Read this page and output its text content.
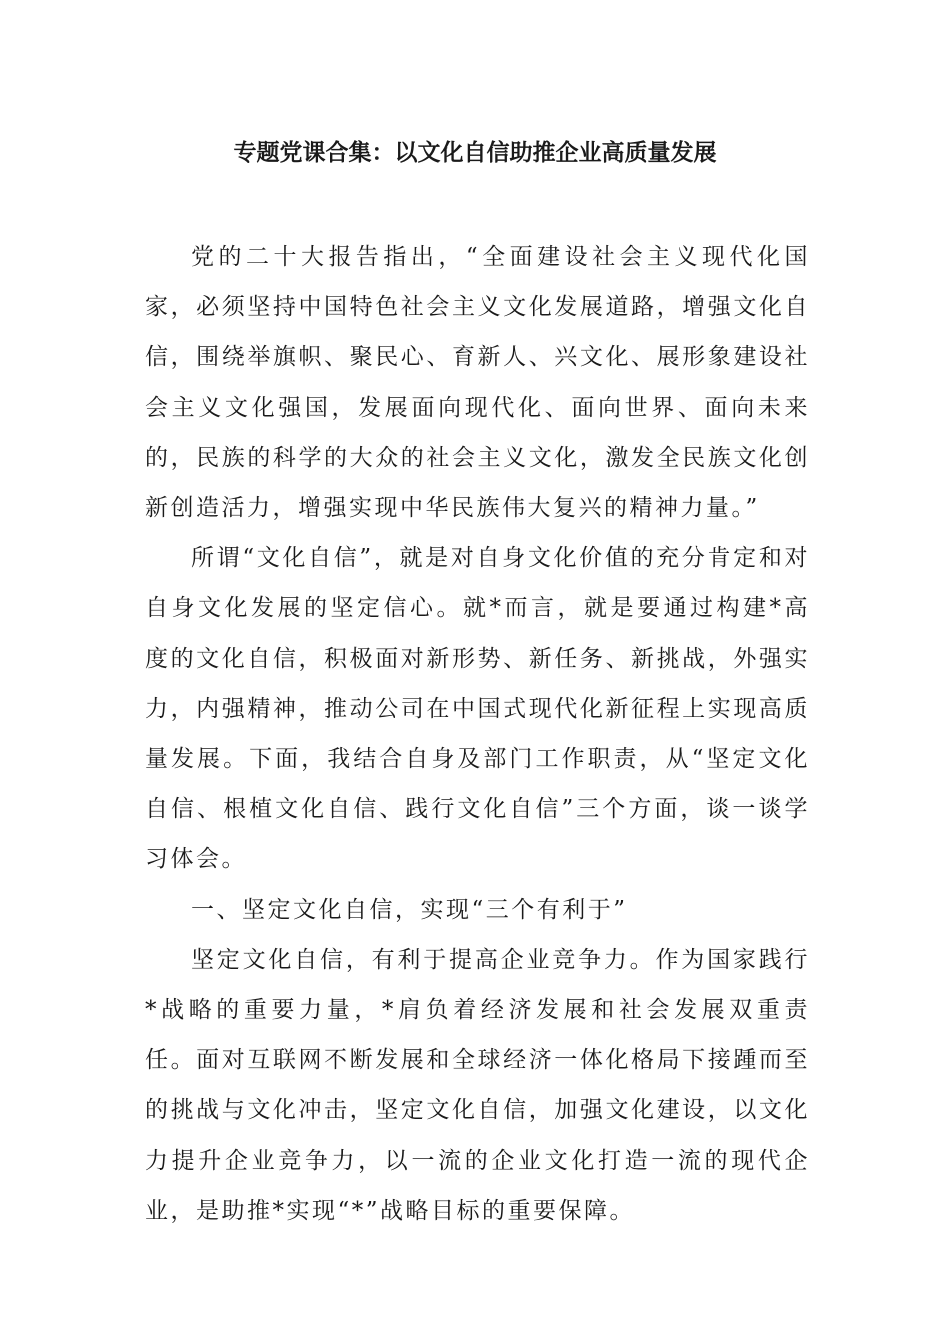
专题党课合集：以文化自信助推企业高质量发展

党的二十大报告指出，“全面建设社会主义现代化国家，必须坚持中国特色社会主义文化发展道路，增强文化自信，围绕举旗帜、聚民心、育新人、兴文化、展形象建设社会主义文化强国，发展面向现代化、面向世界、面向未来的，民族的科学的大众的社会主义文化，激发全民族文化创新创造活力，增强实现中华民族伟大复兴的精神力量。”

所谓“文化自信”，就是对自身文化价值的充分肯定和对自身文化发展的坚定信心。就*而言，就是要通过构建*高度的文化自信，积极面对新形势、新任务、新挑战，外强实力，内强精神，推动公司在中国式现代化新征程上实现高质量发展。下面，我结合自身及部门工作职责，从“坚定文化自信、根植文化自信、践行文化自信”三个方面，谈一谈学习体会。

一、坚定文化自信，实现“三个有利于”

坚定文化自信，有利于提高企业竞争力。作为国家践行*战略的重要力量，*肩负着经济发展和社会发展双重责任。面对互联网不断发展和全球经济一体化格局下接踵而至的挑战与文化冲击，坚定文化自信，加强文化建设，以文化力提升企业竞争力，以一流的企业文化打造一流的现代企业，是助推*实现“*”战略目标的重要保障。
